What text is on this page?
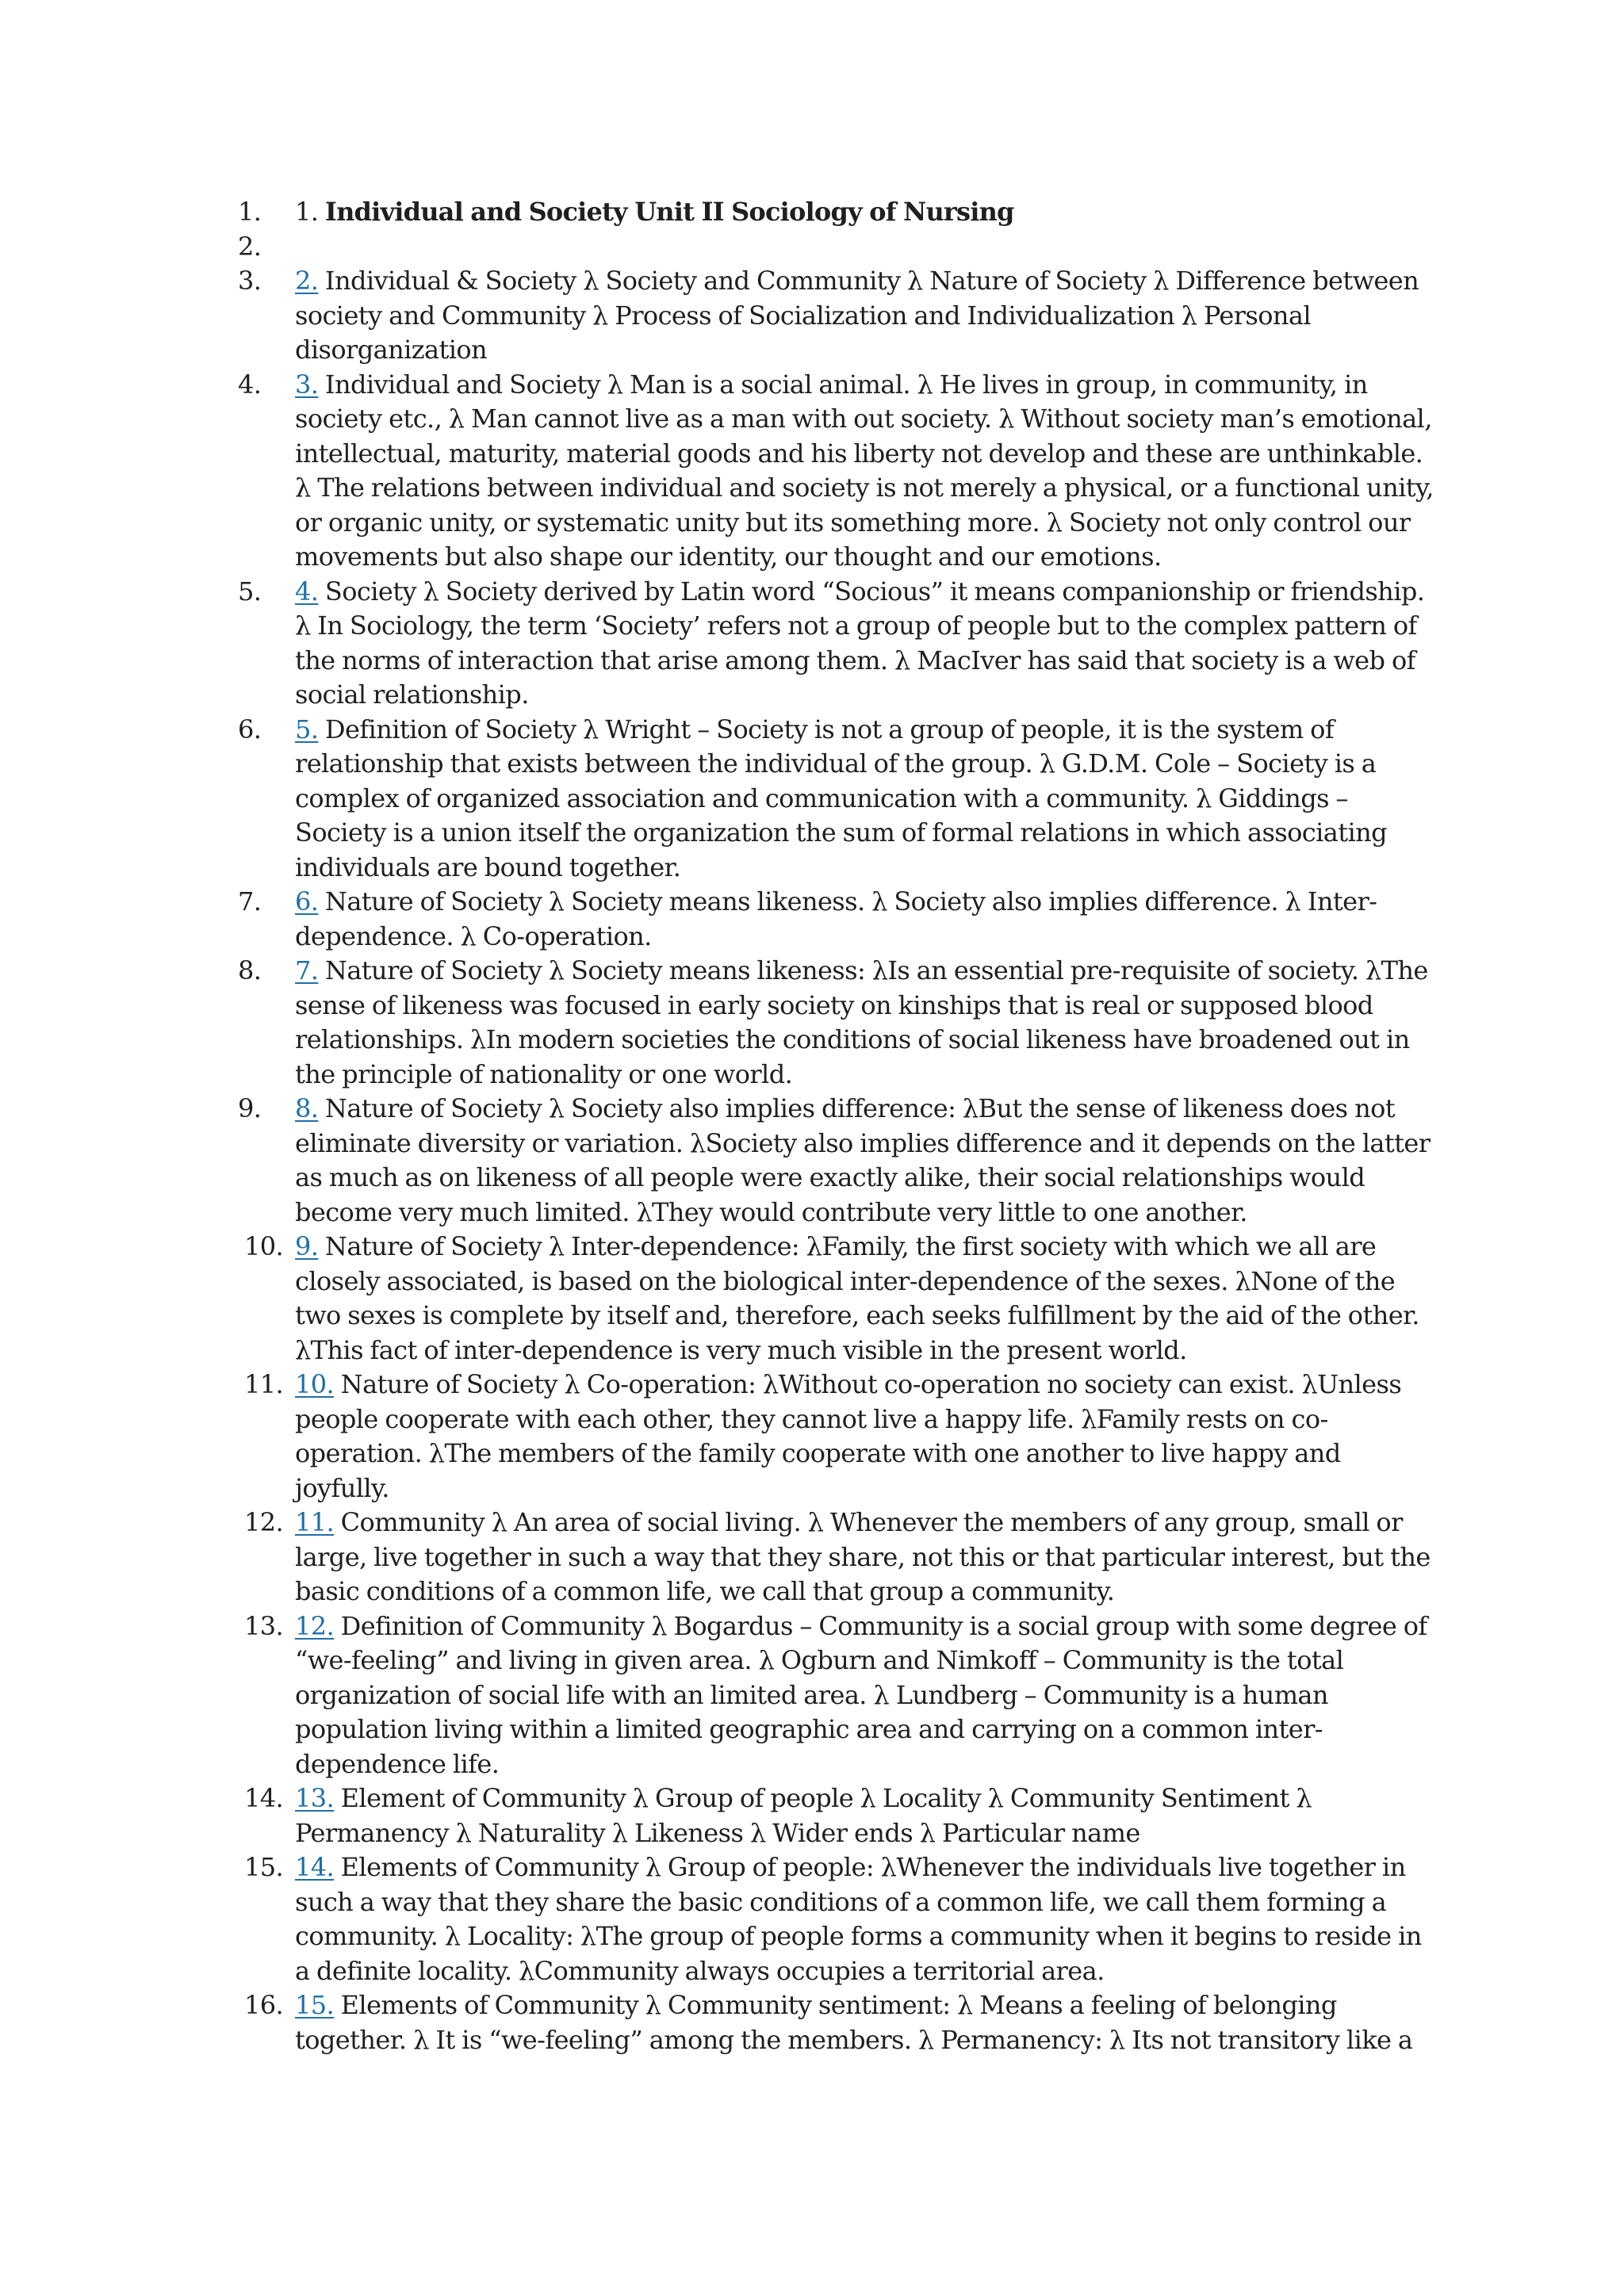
1.	1. Individual and Society Unit II Sociology of Nursing
2.
3.	2. Individual & Society λ Society and Community λ Nature of Society λ Difference between society and Community λ Process of Socialization and Individualization λ Personal disorganization
4.	3. Individual and Society λ Man is a social animal. λ He lives in group, in community, in society etc., λ Man cannot live as a man with out society. λ Without society man’s emotional, intellectual, maturity, material goods and his liberty not develop and these are unthinkable. λ The relations between individual and society is not merely a physical, or a functional unity, or organic unity, or systematic unity but its something more. λ Society not only control our movements but also shape our identity, our thought and our emotions.
5.	4. Society λ Society derived by Latin word “Socious” it means companionship or friendship. λ In Sociology, the term ‘Society’ refers not a group of people but to the complex pattern of the norms of interaction that arise among them. λ MacIver has said that society is a web of social relationship.
6.	5. Definition of Society λ Wright – Society is not a group of people, it is the system of relationship that exists between the individual of the group. λ G.D.M. Cole – Society is a complex of organized association and communication with a community. λ Giddings – Society is a union itself the organization the sum of formal relations in which associating individuals are bound together.
7.	6. Nature of Society λ Society means likeness. λ Society also implies difference. λ Inter-dependence. λ Co-operation.
8.	7. Nature of Society λ Society means likeness: λIs an essential pre-requisite of society. λThe sense of likeness was focused in early society on kinships that is real or supposed blood relationships. λIn modern societies the conditions of social likeness have broadened out in the principle of nationality or one world.
9.	8. Nature of Society λ Society also implies difference: λBut the sense of likeness does not eliminate diversity or variation. λSociety also implies difference and it depends on the latter as much as on likeness of all people were exactly alike, their social relationships would become very much limited. λThey would contribute very little to one another.
10. 9. Nature of Society λ Inter-dependence: λFamily, the first society with which we all are closely associated, is based on the biological inter-dependence of the sexes. λNone of the two sexes is complete by itself and, therefore, each seeks fulfillment by the aid of the other. λThis fact of inter-dependence is very much visible in the present world.
11. 10. Nature of Society λ Co-operation: λWithout co-operation no society can exist. λUnless people cooperate with each other, they cannot live a happy life. λFamily rests on co-operation. λThe members of the family cooperate with one another to live happy and joyfully.
12. 11. Community λ An area of social living. λ Whenever the members of any group, small or large, live together in such a way that they share, not this or that particular interest, but the basic conditions of a common life, we call that group a community.
13. 12. Definition of Community λ Bogardus – Community is a social group with some degree of “we-feeling” and living in given area. λ Ogburn and Nimkoff – Community is the total organization of social life with an limited area. λ Lundberg – Community is a human population living within a limited geographic area and carrying on a common inter-dependence life.
14. 13. Element of Community λ Group of people λ Locality λ Community Sentiment λ Permanency λ Naturality λ Likeness λ Wider ends λ Particular name
15. 14. Elements of Community λ Group of people: λWhenever the individuals live together in such a way that they share the basic conditions of a common life, we call them forming a community. λ Locality: λThe group of people forms a community when it begins to reside in a definite locality. λCommunity always occupies a territorial area.
16. 15. Elements of Community λ Community sentiment: λ Means a feeling of belonging together. λ It is “we-feeling” among the members. λ Permanency: λ Its not transitory like a
